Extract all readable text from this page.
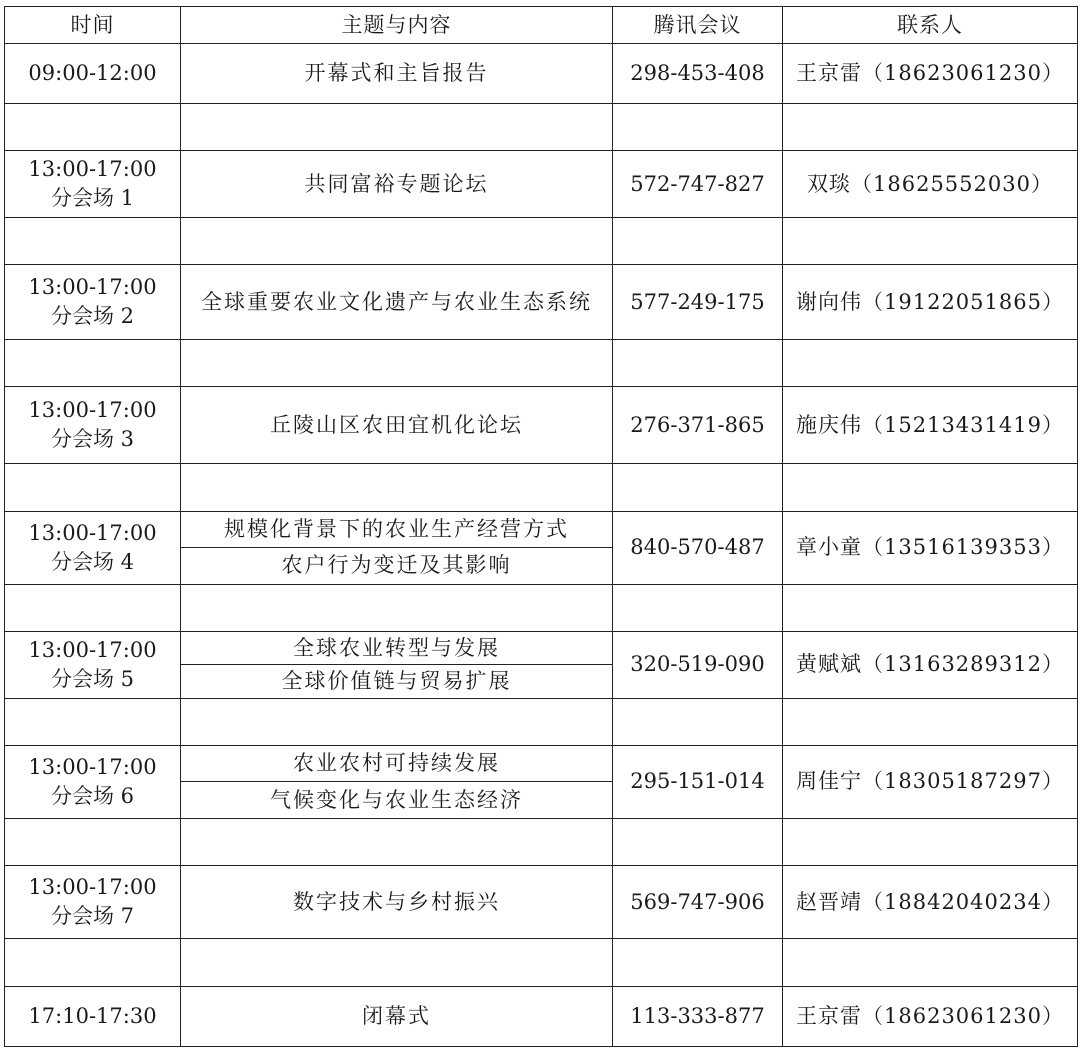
时间	主题与内容	腾讯会议	联系人

09:00-12:00	开幕式和主旨报告	298-453-408	王京雷（18623061230）

13:00-17:00
分会场 1	共同富裕专题论坛	572-747-827	双琰（18625552030）

13:00-17:00
分会场 2	全球重要农业文化遗产与农业生态系统	577-249-175	谢向伟（19122051865）

13:00-17:00
分会场 3	丘陵山区农田宜机化论坛	276-371-865	施庆伟（15213431419）

13:00-17:00
分会场 4	规模化背景下的农业生产经营方式	840-570-487	章小童（13516139353）
	农户行为变迁及其影响		

13:00-17:00
分会场 5	全球农业转型与发展	320-519-090	黄赋斌（13163289312）
	全球价值链与贸易扩展		

13:00-17:00
分会场 6	农业农村可持续发展	295-151-014	周佳宁（18305187297）
	气候变化与农业生态经济		

13:00-17:00
分会场 7	数字技术与乡村振兴	569-747-906	赵晋靖（18842040234）

17:10-17:30	闭幕式	113-333-877	王京雷（18623061230）
